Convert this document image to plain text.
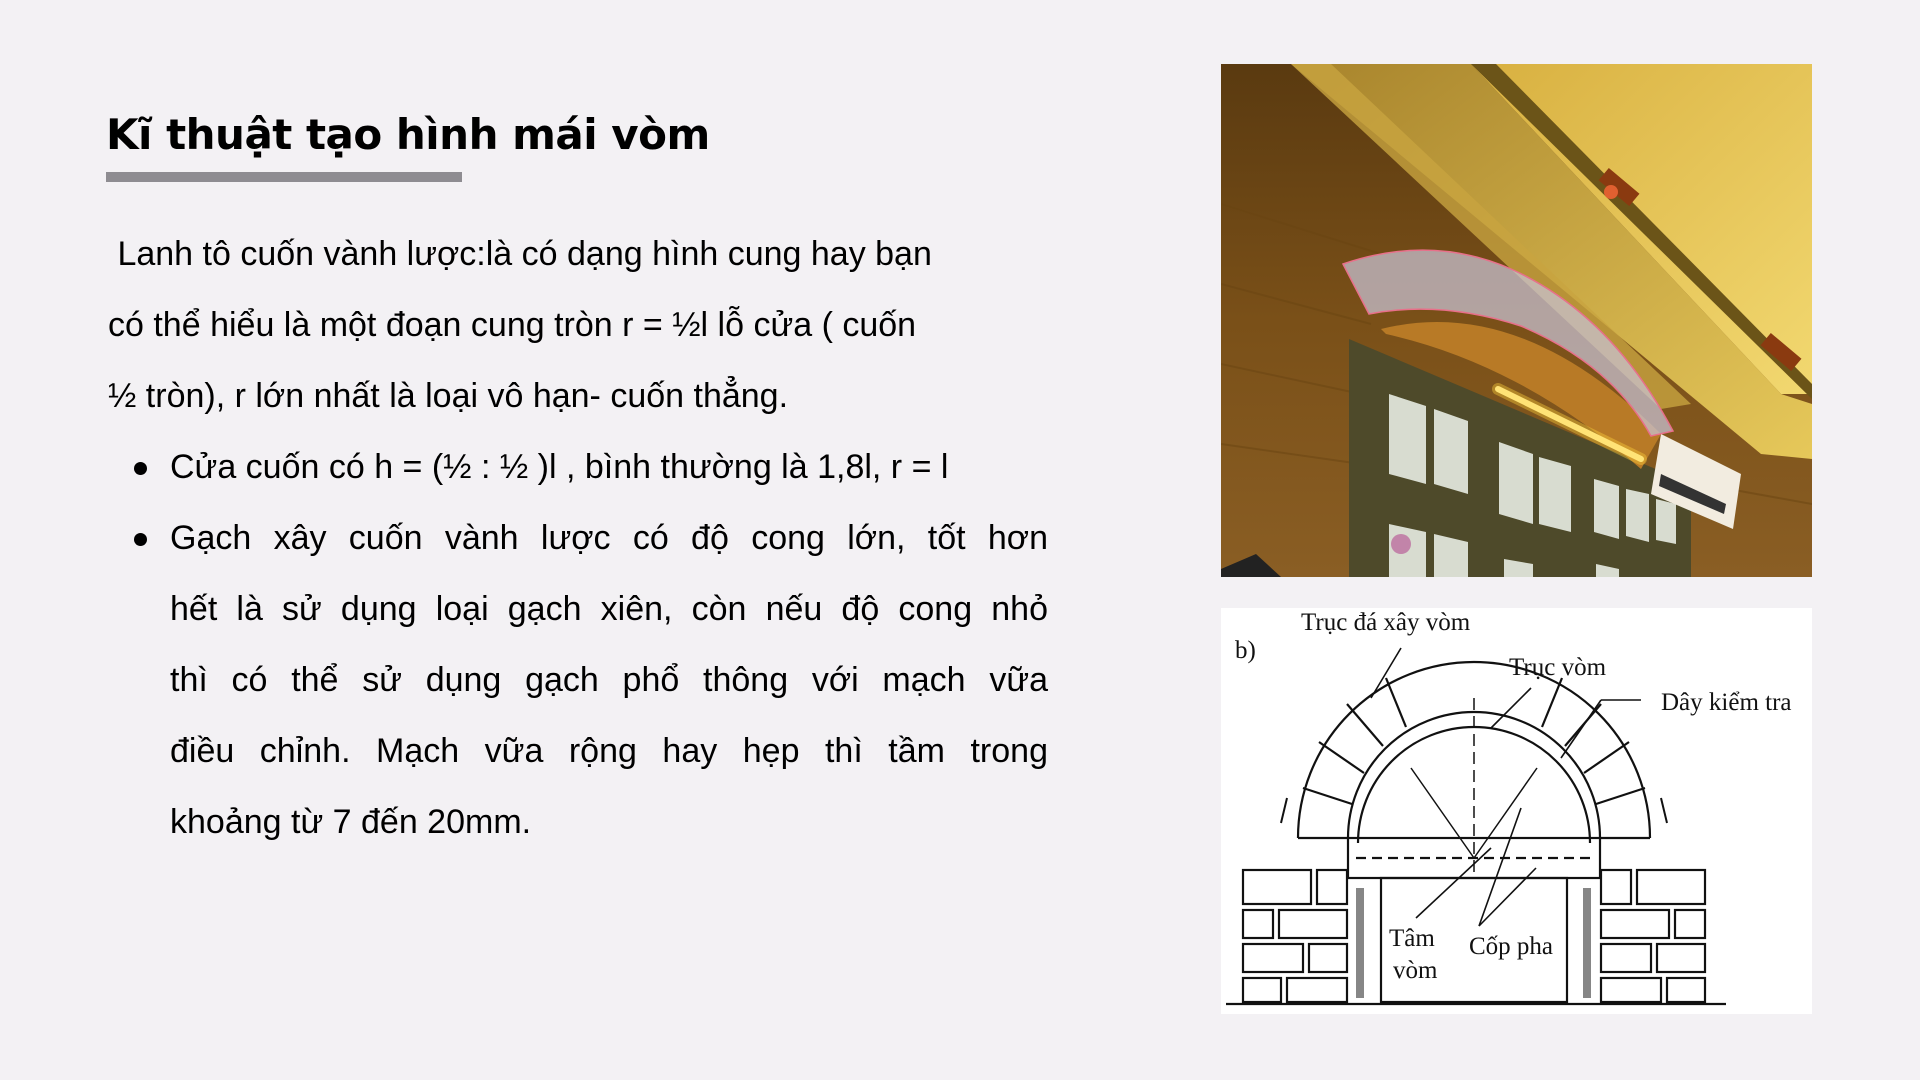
Kĩ thuật tạo hình mái vòm

Lanh tô cuốn vành lược:là có dạng hình cung hay bạn
có thể hiểu là một đoạn cung tròn r = ½l lỗ cửa ( cuốn
½ tròn), r lớn nhất là loại vô hạn- cuốn thẳng.

Cửa cuốn có h = (½ : ½ )l , bình thường là 1,8l, r = l
Gạch xây cuốn vành lược có độ cong lớn, tốt hơn
hết là sử dụng loại gạch xiên, còn nếu độ cong nhỏ
thì có thể sử dụng gạch phổ thông với mạch vữa
điều chỉnh. Mạch vữa rộng hay hẹp thì tầm trong
khoảng từ 7 đến 20mm.
Trục đá xây vòm
b)
Trục vòm
Dây kiểm tra
Tâm
vòm
Cốp pha
